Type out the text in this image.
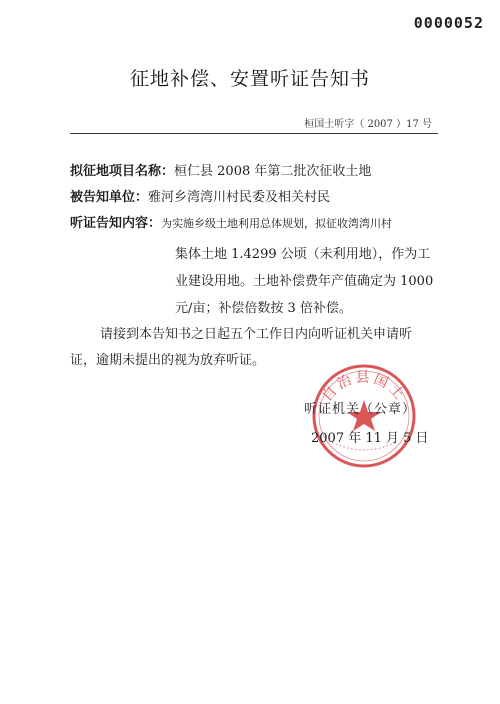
0000052
征地补偿、安置听证告知书
桓国土听字（ 2007 ）17 号
拟征地项目名称：桓仁县 2008 年第二批次征收土地
被告知单位：雅河乡湾湾川村民委及相关村民
听证告知内容：为实施乡级土地利用总体规划，拟征收湾湾川村
集体土地 1.4299 公顷（未利用地），作为工
业建设用地。土地补偿费年产值确定为 1000
元/亩；补偿倍数按 3 倍补偿。
请接到本告知书之日起五个工作日内向听证机关申请听
证，逾期未提出的视为放弃听证。
自治县国土
听证机关（公章）
2007 年 11 月 5 日
